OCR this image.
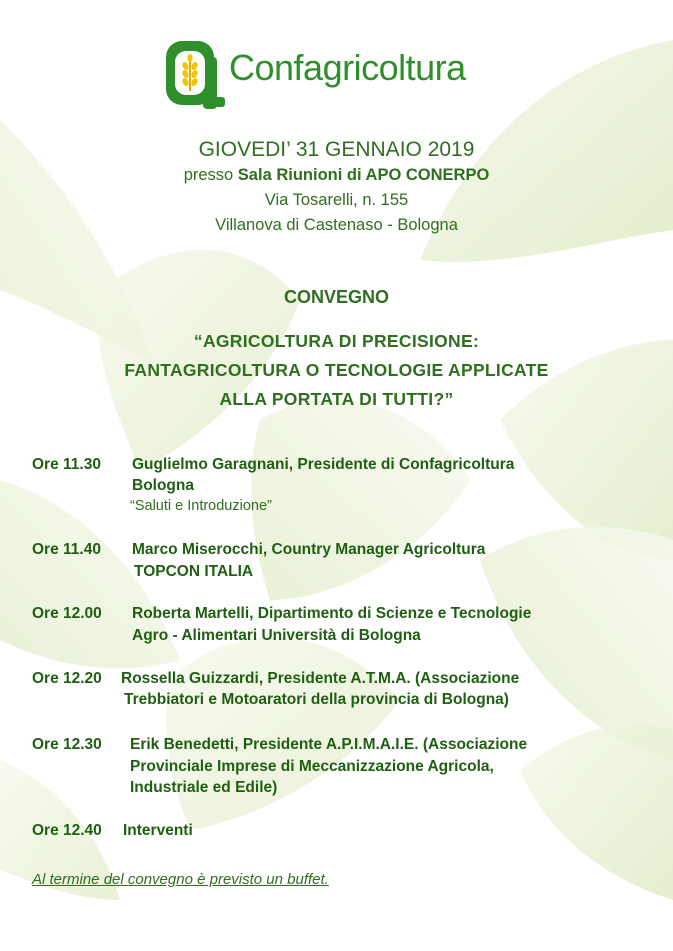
Confagricoltura
GIOVEDI’ 31 GENNAIO 2019
presso Sala Riunioni di APO CONERPO
Via Tosarelli, n. 155
Villanova di Castenaso - Bologna
CONVEGNO
“AGRICOLTURA DI PRECISIONE:
FANTAGRICOLTURA O TECNOLOGIE APPLICATE
ALLA PORTATA DI TUTTI?”
Ore 11.30 Guglielmo Garagnani, Presidente di Confagricoltura
Bologna
“Saluti e Introduzione”
Ore 11.40 Marco Miserocchi, Country Manager Agricoltura
TOPCON ITALIA
Ore 12.00 Roberta Martelli, Dipartimento di Scienze e Tecnologie
Agro - Alimentari Università di Bologna
Ore 12.20 Rossella Guizzardi, Presidente A.T.M.A. (Associazione
Trebbiatori e Motoaratori della provincia di Bologna)
Ore 12.30 Erik Benedetti, Presidente A.P.I.M.A.I.E. (Associazione
Provinciale Imprese di Meccanizzazione Agricola,
Industriale ed Edile)
Ore 12.40 Interventi
Al termine del convegno è previsto un buffet.
